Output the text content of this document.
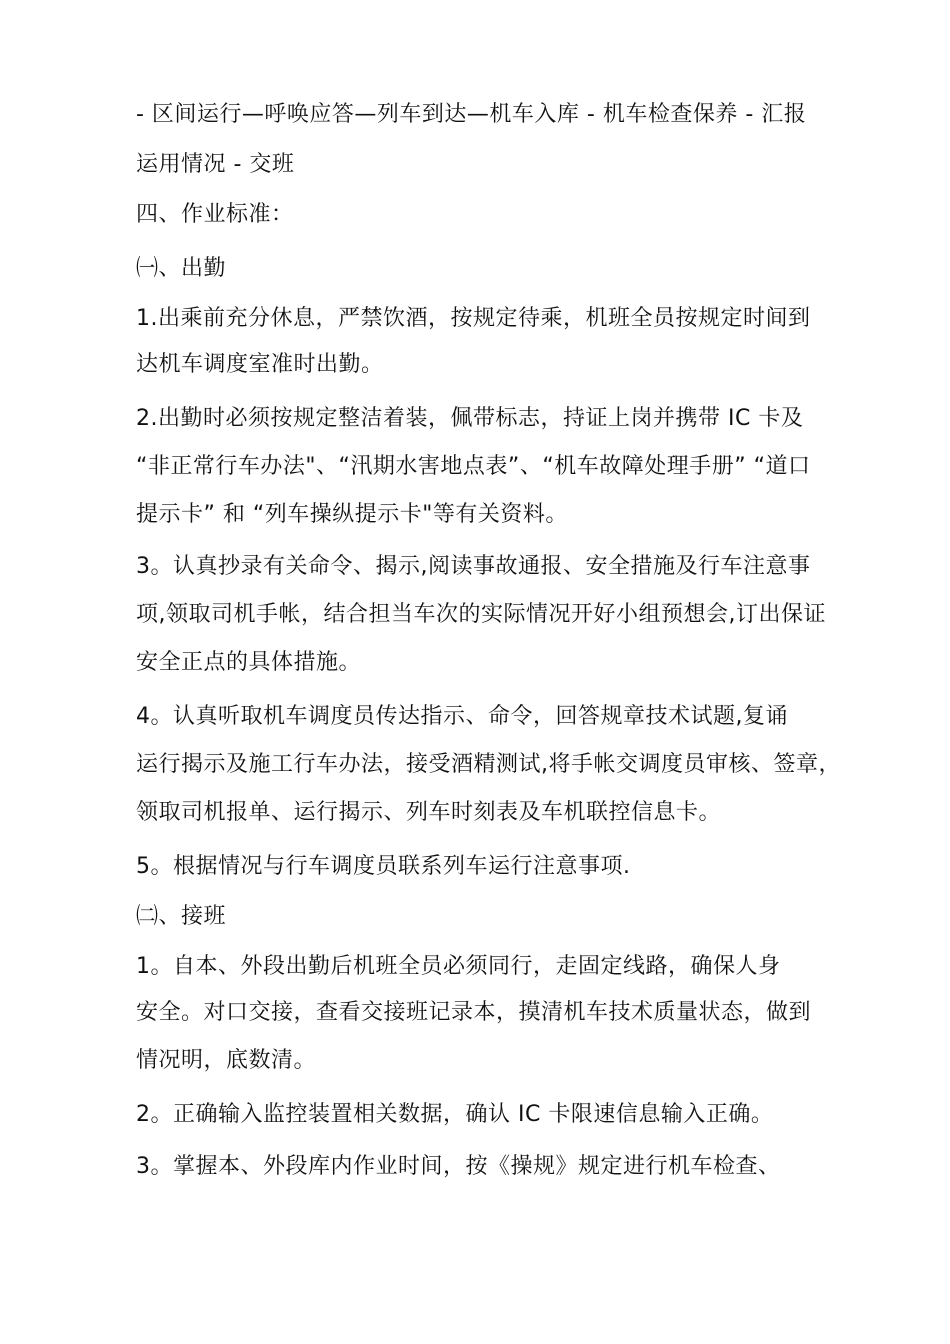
- 区间运行—呼唤应答—列车到达—机车入库 - 机车检查保养 - 汇报
运用情况 - 交班
四、作业标准：
㈠、出勤
1.出乘前充分休息，严禁饮酒，按规定待乘，机班全员按规定时间到
达机车调度室准时出勤。
2.出勤时必须按规定整洁着装，佩带标志，持证上岗并携带 IC 卡及
“非正常行车办法"、“汛期水害地点表”、“机车故障处理手册” “道口
提示卡” 和 “列车操纵提示卡"等有关资料。
3。认真抄录有关命令、揭示,阅读事故通报、安全措施及行车注意事
项,领取司机手帐，结合担当车次的实际情况开好小组预想会,订出保证
安全正点的具体措施。
4。认真听取机车调度员传达指示、命令，回答规章技术试题,复诵
运行揭示及施工行车办法，接受酒精测试,将手帐交调度员审核、签章，
领取司机报单、运行揭示、列车时刻表及车机联控信息卡。
5。根据情况与行车调度员联系列车运行注意事项.
㈡、接班
1。自本、外段出勤后机班全员必须同行，走固定线路，确保人身
安全。对口交接，查看交接班记录本，摸清机车技术质量状态，做到
情况明，底数清。
2。正确输入监控装置相关数据，确认 IC 卡限速信息输入正确。
3。掌握本、外段库内作业时间，按《操规》规定进行机车检查、
